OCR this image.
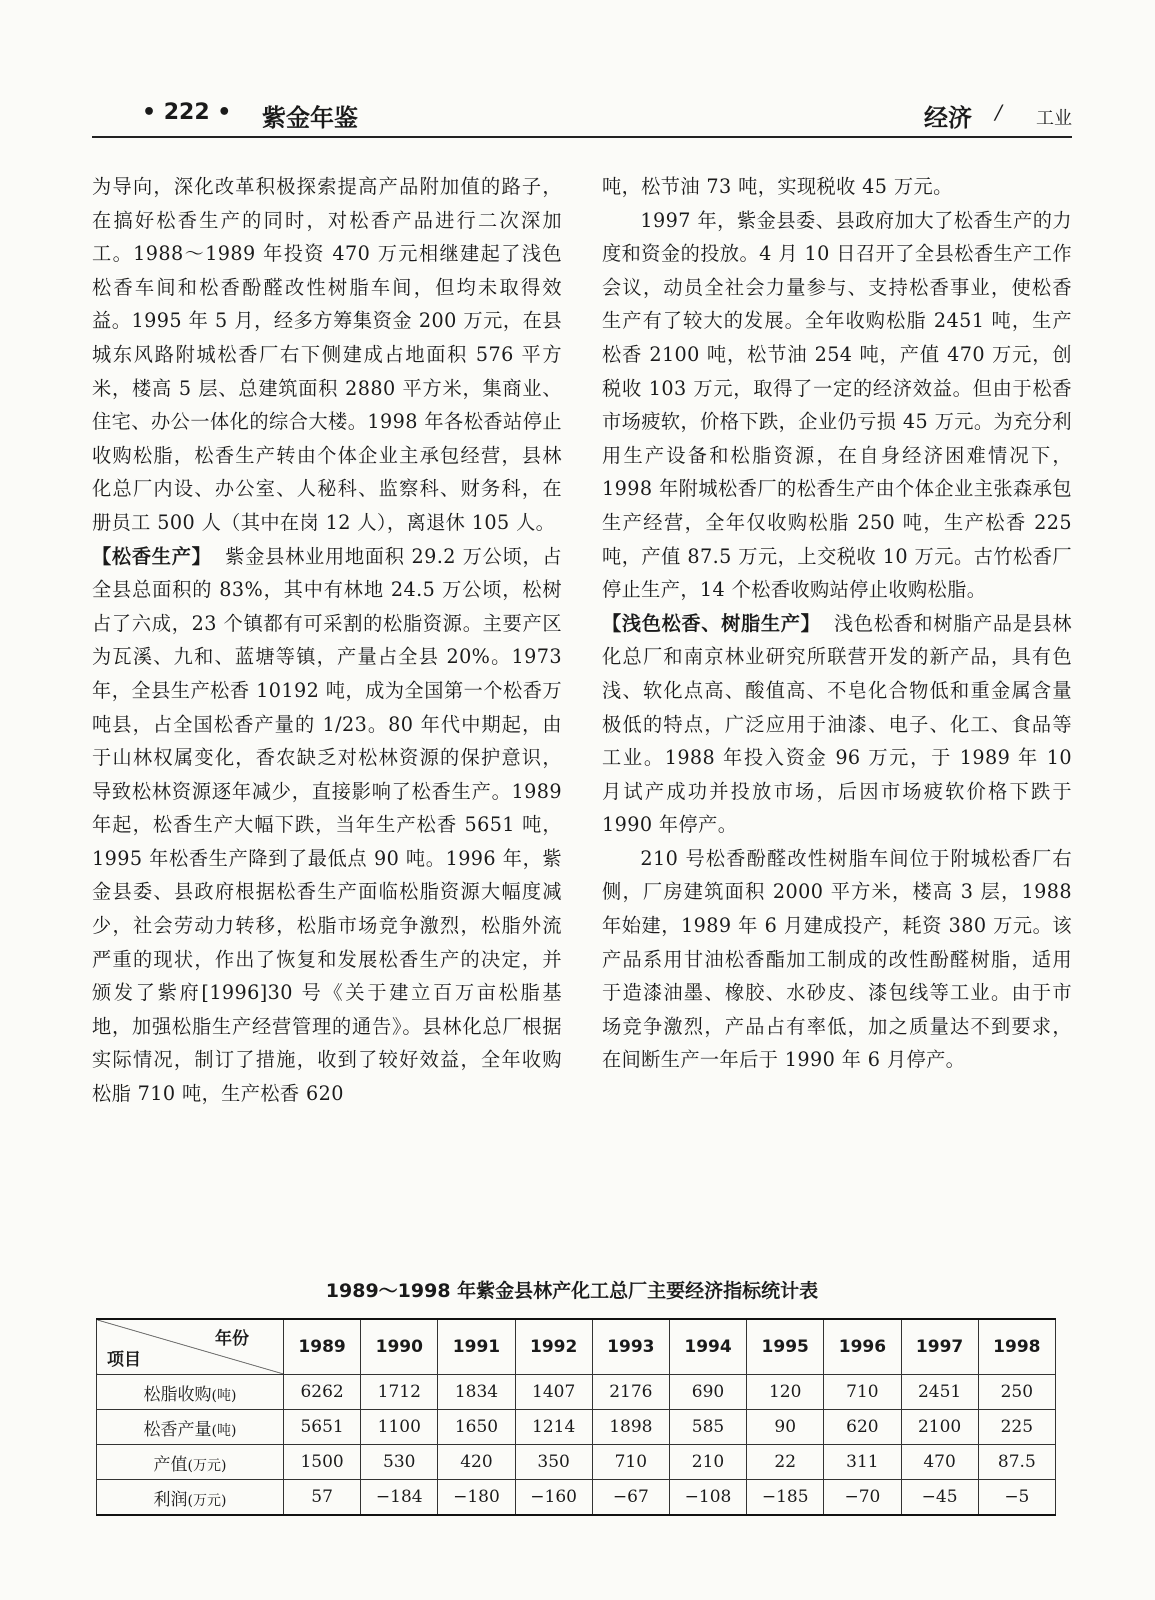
• 222 • 紫金年鉴	经济 / 工业

为导向，深化改革积极探索提高产品附加值的路子，在搞好松香生产的同时，对松香产品进行二次深加工。1988～1989 年投资 470 万元相继建起了浅色松香车间和松香酚醛改性树脂车间，但均未取得效益。1995 年 5 月，经多方筹集资金 200 万元，在县城东风路附城松香厂右下侧建成占地面积 576 平方米，楼高 5 层、总建筑面积 2880 平方米，集商业、住宅、办公一体化的综合大楼。1998 年各松香站停止收购松脂，松香生产转由个体企业主承包经营，县林化总厂内设、办公室、人秘科、监察科、财务科，在册员工 500 人（其中在岗 12 人），离退休 105 人。

【松香生产】 紫金县林业用地面积 29.2 万公顷，占全县总面积的 83%，其中有林地 24.5 万公顷，松树占了六成，23 个镇都有可采割的松脂资源。主要产区为瓦溪、九和、蓝塘等镇，产量占全县 20%。1973 年，全县生产松香 10192 吨，成为全国第一个松香万吨县，占全国松香产量的 1/23。80 年代中期起，由于山林权属变化，香农缺乏对松林资源的保护意识，导致松林资源逐年减少，直接影响了松香生产。1989 年起，松香生产大幅下跌，当年生产松香 5651 吨，1995 年松香生产降到了最低点 90 吨。1996 年，紫金县委、县政府根据松香生产面临松脂资源大幅度减少，社会劳动力转移，松脂市场竞争激烈，松脂外流严重的现状，作出了恢复和发展松香生产的决定，并颁发了紫府[1996]30 号《关于建立百万亩松脂基地，加强松脂生产经营管理的通告》。县林化总厂根据实际情况，制订了措施，收到了较好效益，全年收购松脂 710 吨，生产松香 620

吨，松节油 73 吨，实现税收 45 万元。

1997 年，紫金县委、县政府加大了松香生产的力度和资金的投放。4 月 10 日召开了全县松香生产工作会议，动员全社会力量参与、支持松香事业，使松香生产有了较大的发展。全年收购松脂 2451 吨，生产松香 2100 吨，松节油 254 吨，产值 470 万元，创税收 103 万元，取得了一定的经济效益。但由于松香市场疲软，价格下跌，企业仍亏损 45 万元。为充分利用生产设备和松脂资源，在自身经济困难情况下，1998 年附城松香厂的松香生产由个体企业主张森承包生产经营，全年仅收购松脂 250 吨，生产松香 225 吨，产值 87.5 万元，上交税收 10 万元。古竹松香厂停止生产，14 个松香收购站停止收购松脂。

【浅色松香、树脂生产】 浅色松香和树脂产品是县林化总厂和南京林业研究所联营开发的新产品，具有色浅、软化点高、酸值高、不皂化合物低和重金属含量极低的特点，广泛应用于油漆、电子、化工、食品等工业。1988 年投入资金 96 万元，于 1989 年 10 月试产成功并投放市场，后因市场疲软价格下跌于 1990 年停产。

210 号松香酚醛改性树脂车间位于附城松香厂右侧，厂房建筑面积 2000 平方米，楼高 3 层，1988 年始建，1989 年 6 月建成投产，耗资 380 万元。该产品系用甘油松香酯加工制成的改性酚醛树脂，适用于造漆油墨、橡胶、水砂皮、漆包线等工业。由于市场竞争激烈，产品占有率低，加之质量达不到要求，在间断生产一年后于 1990 年 6 月停产。

1989～1998 年紫金县林产化工总厂主要经济指标统计表
年份
项目	1989	1990	1991	1992	1993	1994	1995	1996	1997	1998
松脂收购(吨)	6262	1712	1834	1407	2176	690	120	710	2451	250
松香产量(吨)	5651	1100	1650	1214	1898	585	90	620	2100	225
产值(万元)	1500	530	420	350	710	210	22	311	470	87.5
利润(万元)	57	−184	−180	−160	−67	−108	−185	−70	−45	−5
